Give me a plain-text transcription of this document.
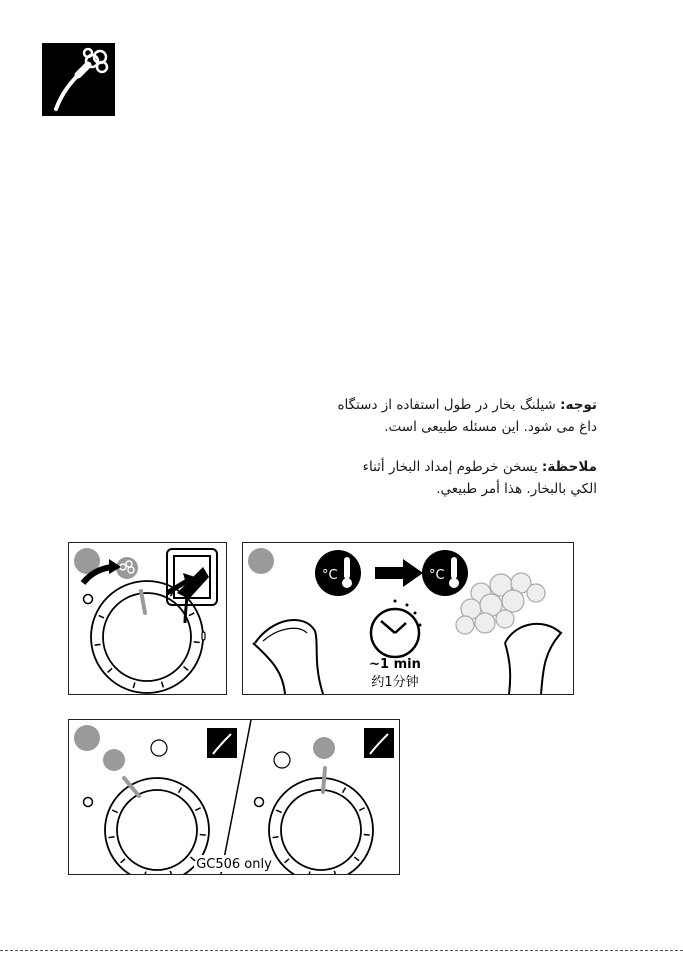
توجه: شیلنگ بخار در طول استفاده از دستگاه
داغ می شود. این مسئله طبیعی است.
ملاحظة: يسخن خرطوم إمداد البخار أثناء
الكي بالبخار. هذا أمر طبيعي.
°C	°C
~1 min
约1分钟
GC506 only
